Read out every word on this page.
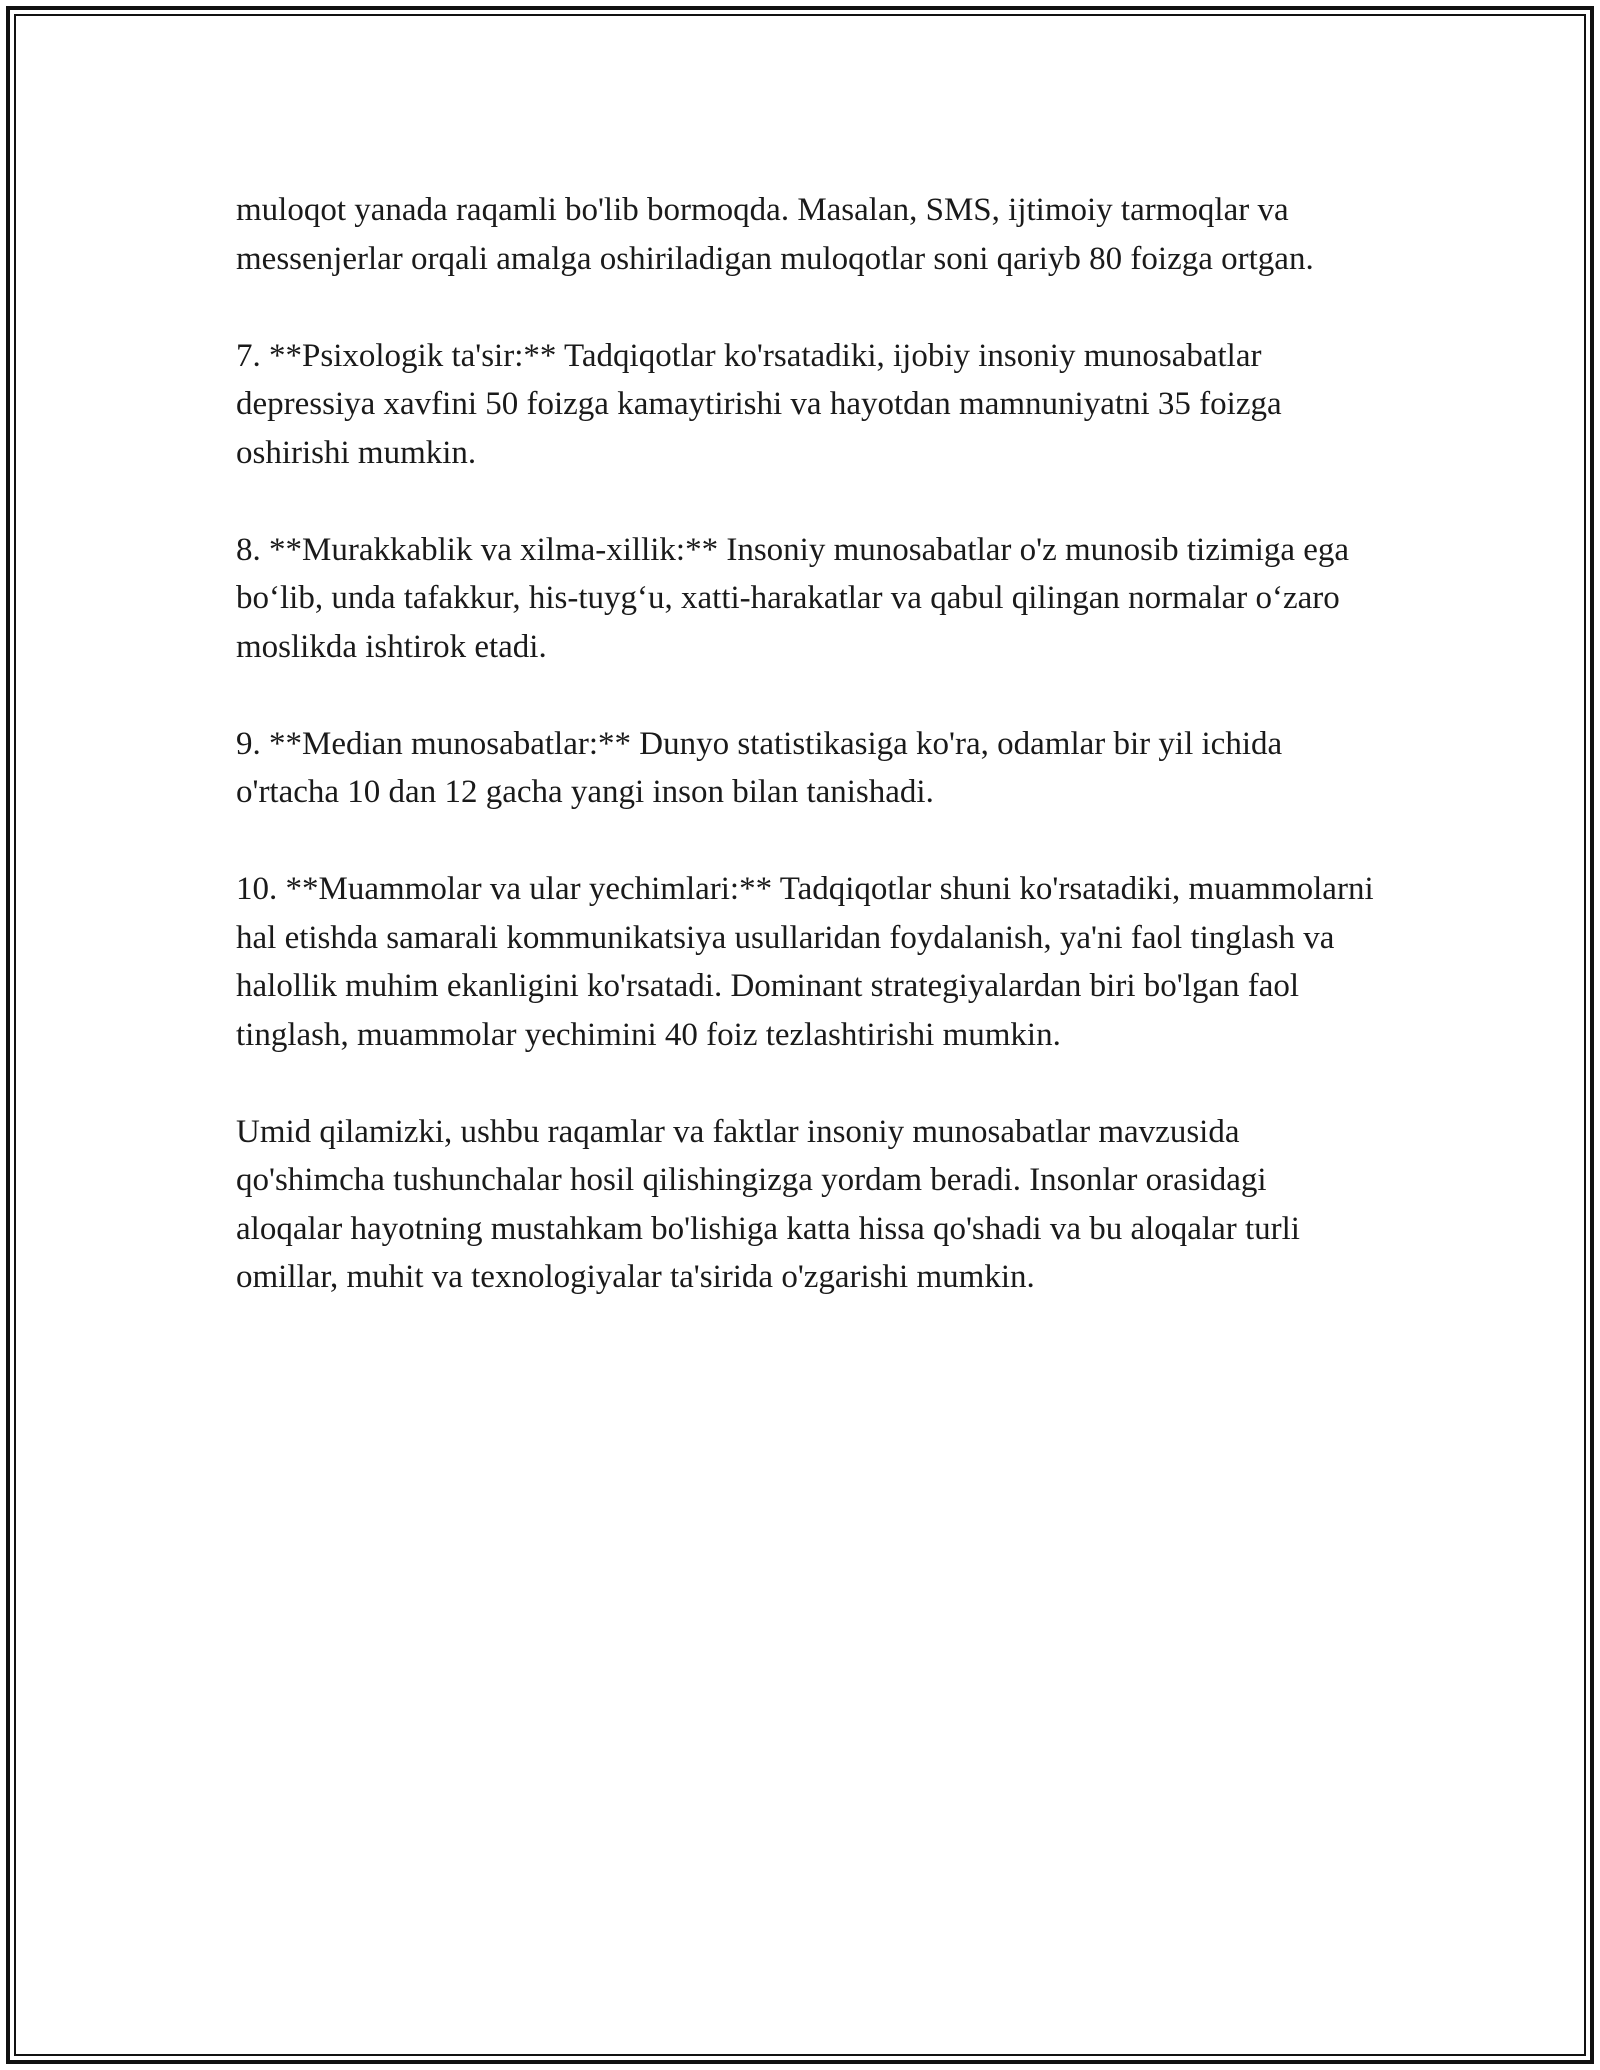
muloqot yanada raqamli bo'lib bormoqda. Masalan, SMS, ijtimoiy tarmoqlar va messenjerlar orqali amalga oshiriladigan muloqotlar soni qariyb 80 foizga ortgan.

7. **Psixologik ta'sir:** Tadqiqotlar ko'rsatadiki, ijobiy insoniy munosabatlar depressiya xavfini 50 foizga kamaytirishi va hayotdan mamnuniyatni 35 foizga oshirishi mumkin.

8. **Murakkablik va xilma-xillik:** Insoniy munosabatlar o'z munosib tizimiga ega bo‘lib, unda tafakkur, his-tuyg‘u, xatti-harakatlar va qabul qilingan normalar o‘zaro moslikda ishtirok etadi.

9. **Median munosabatlar:** Dunyo statistikasiga ko'ra, odamlar bir yil ichida o'rtacha 10 dan 12 gacha yangi inson bilan tanishadi.

10. **Muammolar va ular yechimlari:** Tadqiqotlar shuni ko'rsatadiki, muammolarni hal etishda samarali kommunikatsiya usullaridan foydalanish, ya'ni faol tinglash va halollik muhim ekanligini ko'rsatadi. Dominant strategiyalardan biri bo'lgan faol tinglash, muammolar yechimini 40 foiz tezlashtirishi mumkin.

Umid qilamizki, ushbu raqamlar va faktlar insoniy munosabatlar mavzusida qo'shimcha tushunchalar hosil qilishingizga yordam beradi. Insonlar orasidagi aloqalar hayotning mustahkam bo'lishiga katta hissa qo'shadi va bu aloqalar turli omillar, muhit va texnologiyalar ta'sirida o'zgarishi mumkin.
